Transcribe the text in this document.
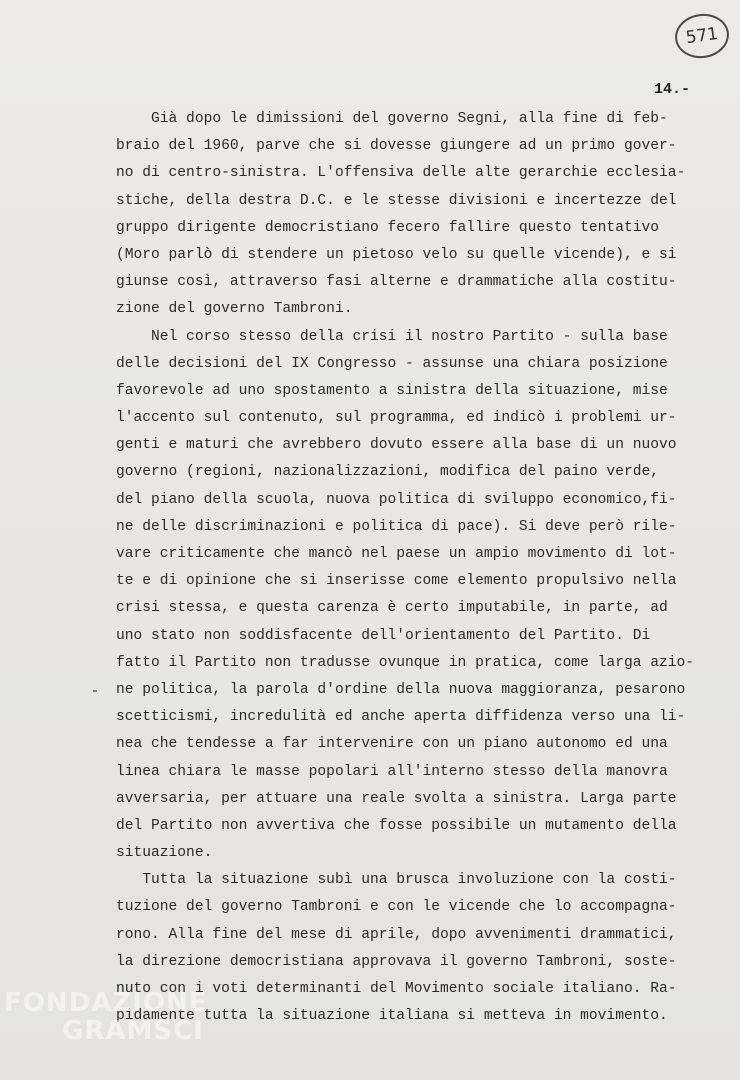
571
14.-
Già dopo le dimissioni del governo Segni, alla fine di feb-
braio del 1960, parve che si dovesse giungere ad un primo gover-
no di centro-sinistra. L'offensiva delle alte gerarchie ecclesia-
stiche, della destra D.C. e le stesse divisioni e incertezze del
gruppo dirigente democristiano fecero fallire questo tentativo
(Moro parlò di stendere un pietoso velo su quelle vicende), e si
giunse così, attraverso fasi alterne e drammatiche alla costitu-
zione del governo Tambroni.
Nel corso stesso della crisi il nostro Partito - sulla base
delle decisioni del IX Congresso - assunse una chiara posizione
favorevole ad uno spostamento a sinistra della situazione, mise
l'accento sul contenuto, sul programma, ed indicò i problemi ur-
genti e maturi che avrebbero dovuto essere alla base di un nuovo
governo (regioni, nazionalizzazioni, modifica del paino verde,
del piano della scuola, nuova politica di sviluppo economico,fi-
ne delle discriminazioni e politica di pace). Si deve però rile-
vare criticamente che mancò nel paese un ampio movimento di lot-
te e di opinione che si inserisse come elemento propulsivo nella
crisi stessa, e questa carenza è certo imputabile, in parte, ad
uno stato non soddisfacente dell'orientamento del Partito. Di
fatto il Partito non tradusse ovunque in pratica, come larga azio-
ne politica, la parola d'ordine della nuova maggioranza, pesarono
scetticismi, incredulità ed anche aperta diffidenza verso una li-
nea che tendesse a far intervenire con un piano autonomo ed una
linea chiara le masse popolari all'interno stesso della manovra
avversaria, per attuare una reale svolta a sinistra. Larga parte
del Partito non avvertiva che fosse possibile un mutamento della
situazione.
Tutta la situazione subì una brusca involuzione con la costi-
tuzione del governo Tambroni e con le vicende che lo accompagna-
rono. Alla fine del mese di aprile, dopo avvenimenti drammatici,
la direzione democristiana approvava il governo Tambroni, soste-
nuto con i voti determinanti del Movimento sociale italiano. Ra-
pidamente tutta la situazione italiana si metteva in movimento.
FONDAZIONE
GRAMSCI
